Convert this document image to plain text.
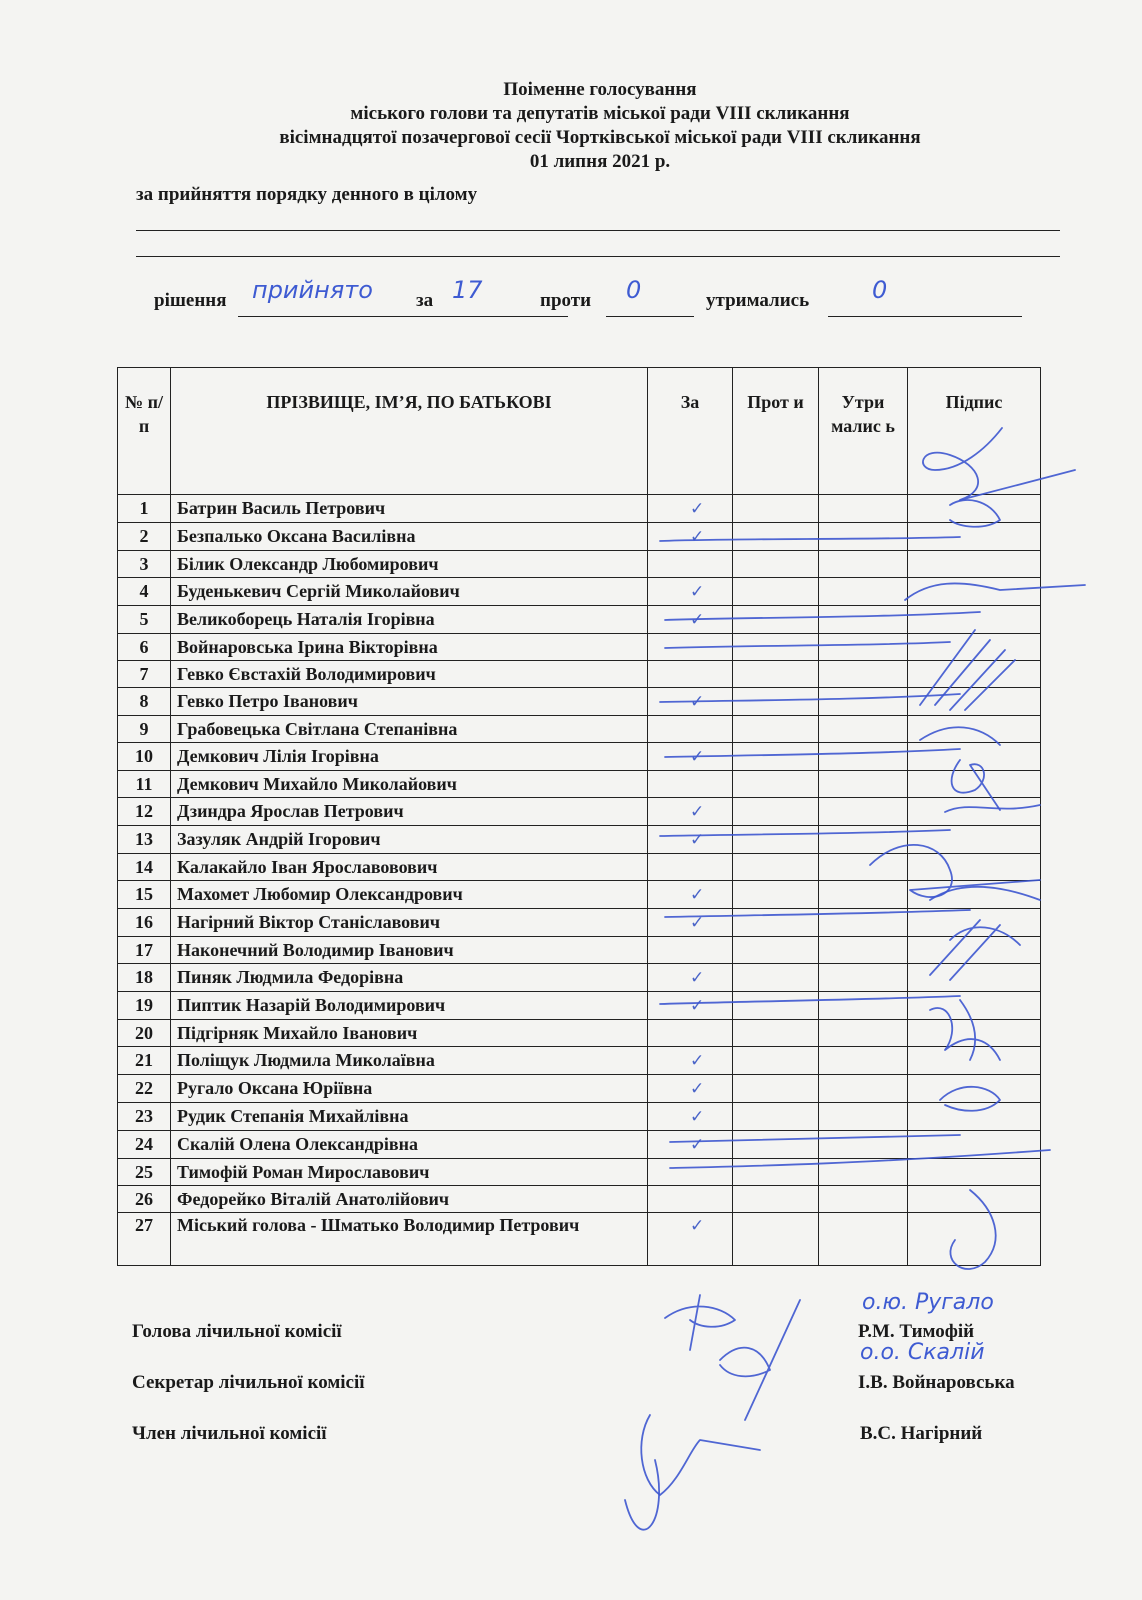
Поіменне голосування
міського голови та депутатів міської ради VIII скликання
вісімнадцятої позачергової сесії Чортківської міської ради VIII скликання
01 липня 2021 р.
за прийняття порядку денного в цілому
рішення прийнято за 17	проти 0	утримались	0
№ п/п	ПРІЗВИЩЕ, ІМ’Я, ПО БАТЬКОВІ	За	Прот и	Утри малис ь	Підпис
1	Батрин Василь Петрович	✓			
2	Безпалько Оксана Василівна	✓			
3	Білик Олександр Любомирович				
4	Буденькевич Сергій Миколайович	✓			
5	Великоборець Наталія Ігорівна	✓			
6	Войнаровська Ірина Вікторівна				
7	Гевко Євстахій Володимирович				
8	Гевко Петро Іванович	✓			
9	Грабовецька Світлана Степанівна				
10	Демкович Лілія Ігорівна	✓			
11	Демкович Михайло Миколайович				
12	Дзиндра Ярослав Петрович	✓			
13	Зазуляк Андрій Ігорович	✓			
14	Калакайло Іван Ярославовович				
15	Махомет Любомир Олександрович	✓			
16	Нагірний Віктор Станіславович	✓			
17	Наконечний Володимир Іванович				
18	Пиняк Людмила Федорівна	✓			
19	Пиптик Назарій Володимирович	✓			
20	Підгірняк Михайло Іванович				
21	Поліщук Людмила Миколаївна	✓			
22	Ругало Оксана Юріївна	✓			
23	Рудик Степанія Михайлівна	✓			
24	Скалій Олена Олександрівна	✓			
25	Тимофій Роман Мирославович				
26	Федорейко Віталій Анатолійович				
27	Міський голова - Шматько Володимир Петрович	✓			
Голова лічильної комісії	Р.М. Тимофій
Секретар лічильної комісії	І.В. Войнаровська
Член лічильної комісії	В.С. Нагірний
о.ю. Ругало
о.о. Скалій
